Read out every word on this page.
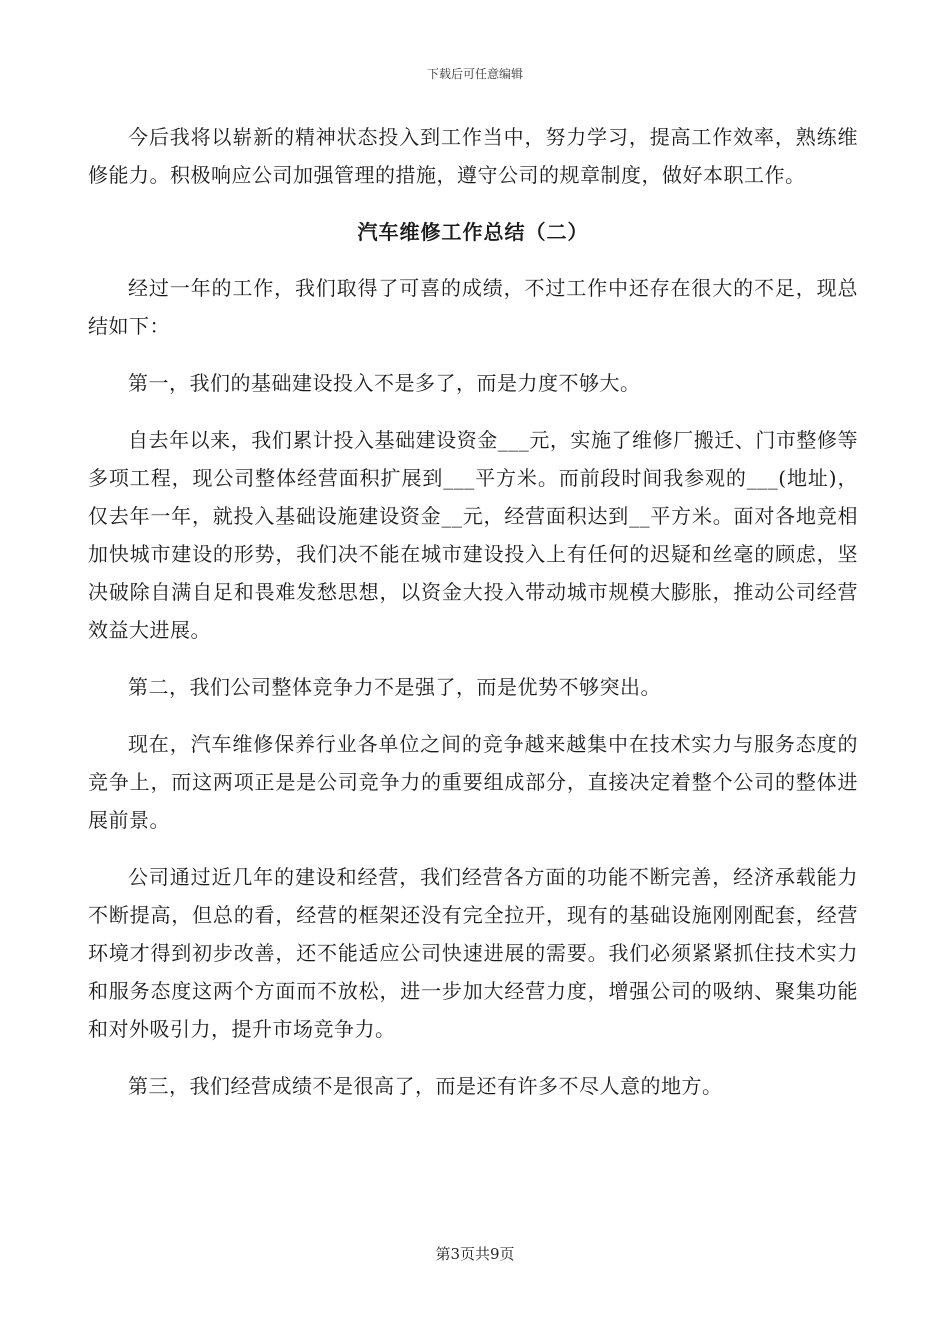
下载后可任意编辑

今后我将以崭新的精神状态投入到工作当中，努力学习，提高工作效率，熟练维修能力。积极响应公司加强管理的措施，遵守公司的规章制度，做好本职工作。

汽车维修工作总结（二）

经过一年的工作，我们取得了可喜的成绩，不过工作中还存在很大的不足，现总结如下：

第一，我们的基础建设投入不是多了，而是力度不够大。

自去年以来，我们累计投入基础建设资金___元，实施了维修厂搬迁、门市整修等多项工程，现公司整体经营面积扩展到___平方米。而前段时间我参观的___(地址)，仅去年一年，就投入基础设施建设资金__元，经营面积达到__平方米。面对各地竞相加快城市建设的形势，我们决不能在城市建设投入上有任何的迟疑和丝毫的顾虑，坚决破除自满自足和畏难发愁思想，以资金大投入带动城市规模大膨胀，推动公司经营效益大进展。

第二，我们公司整体竞争力不是强了，而是优势不够突出。

现在，汽车维修保养行业各单位之间的竞争越来越集中在技术实力与服务态度的竞争上，而这两项正是是公司竞争力的重要组成部分，直接决定着整个公司的整体进展前景。

公司通过近几年的建设和经营，我们经营各方面的功能不断完善，经济承载能力不断提高，但总的看，经营的框架还没有完全拉开，现有的基础设施刚刚配套，经营环境才得到初步改善，还不能适应公司快速进展的需要。我们必须紧紧抓住技术实力和服务态度这两个方面而不放松，进一步加大经营力度，增强公司的吸纳、聚集功能和对外吸引力，提升市场竞争力。

第三，我们经营成绩不是很高了，而是还有许多不尽人意的地方。

第3页共9页
